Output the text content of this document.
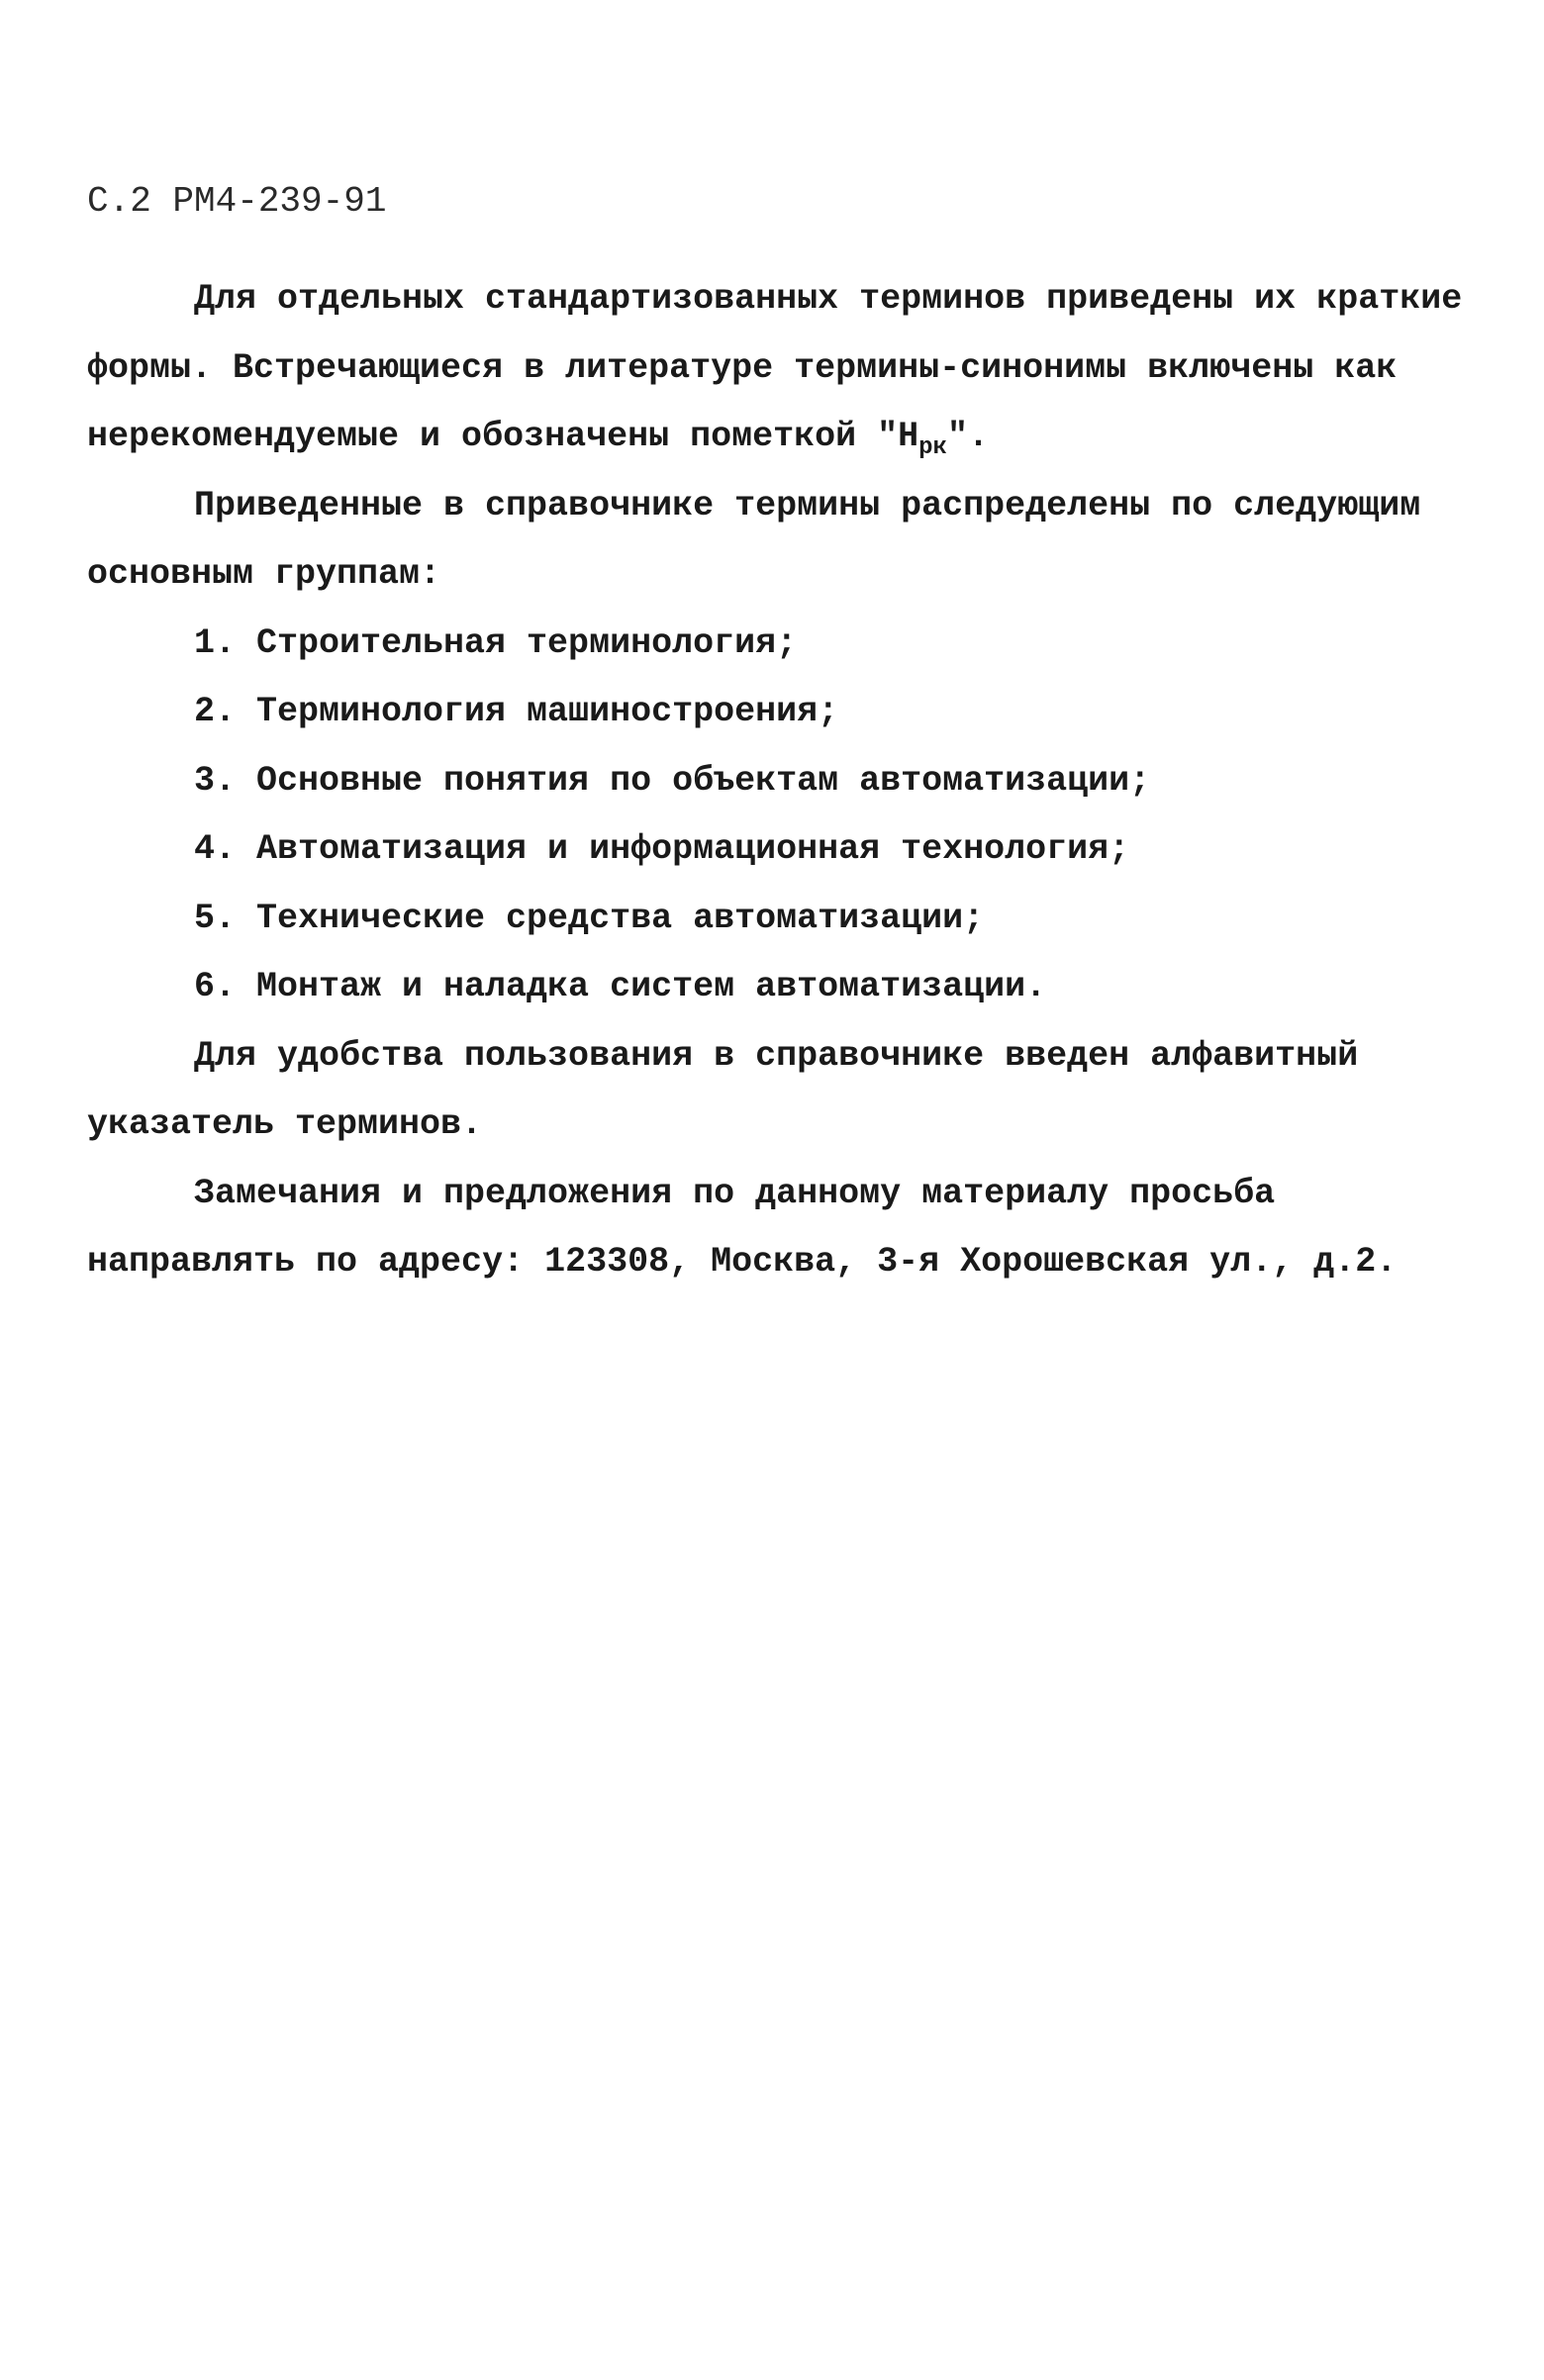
С.2 РМ4-239-91

Для отдельных стандартизованных терминов приведены их краткие формы. Встречающиеся в литературе термины-синонимы включены как нерекомендуемые и обозначены пометкой "$Н_{рк}$".

Приведенные в справочнике термины распределены по следующим основным группам:

1. Строительная терминология;
2. Терминология машиностроения;
3. Основные понятия по объектам автоматизации;
4. Автоматизация и информационная технология;
5. Технические средства автоматизации;
6. Монтаж и наладка систем автоматизации.

Для удобства пользования в справочнике введен алфавитный указатель терминов.

Замечания и предложения по данному материалу просьба направлять по адресу: 123308, Москва, 3-я Хорошевская ул., д.2.
